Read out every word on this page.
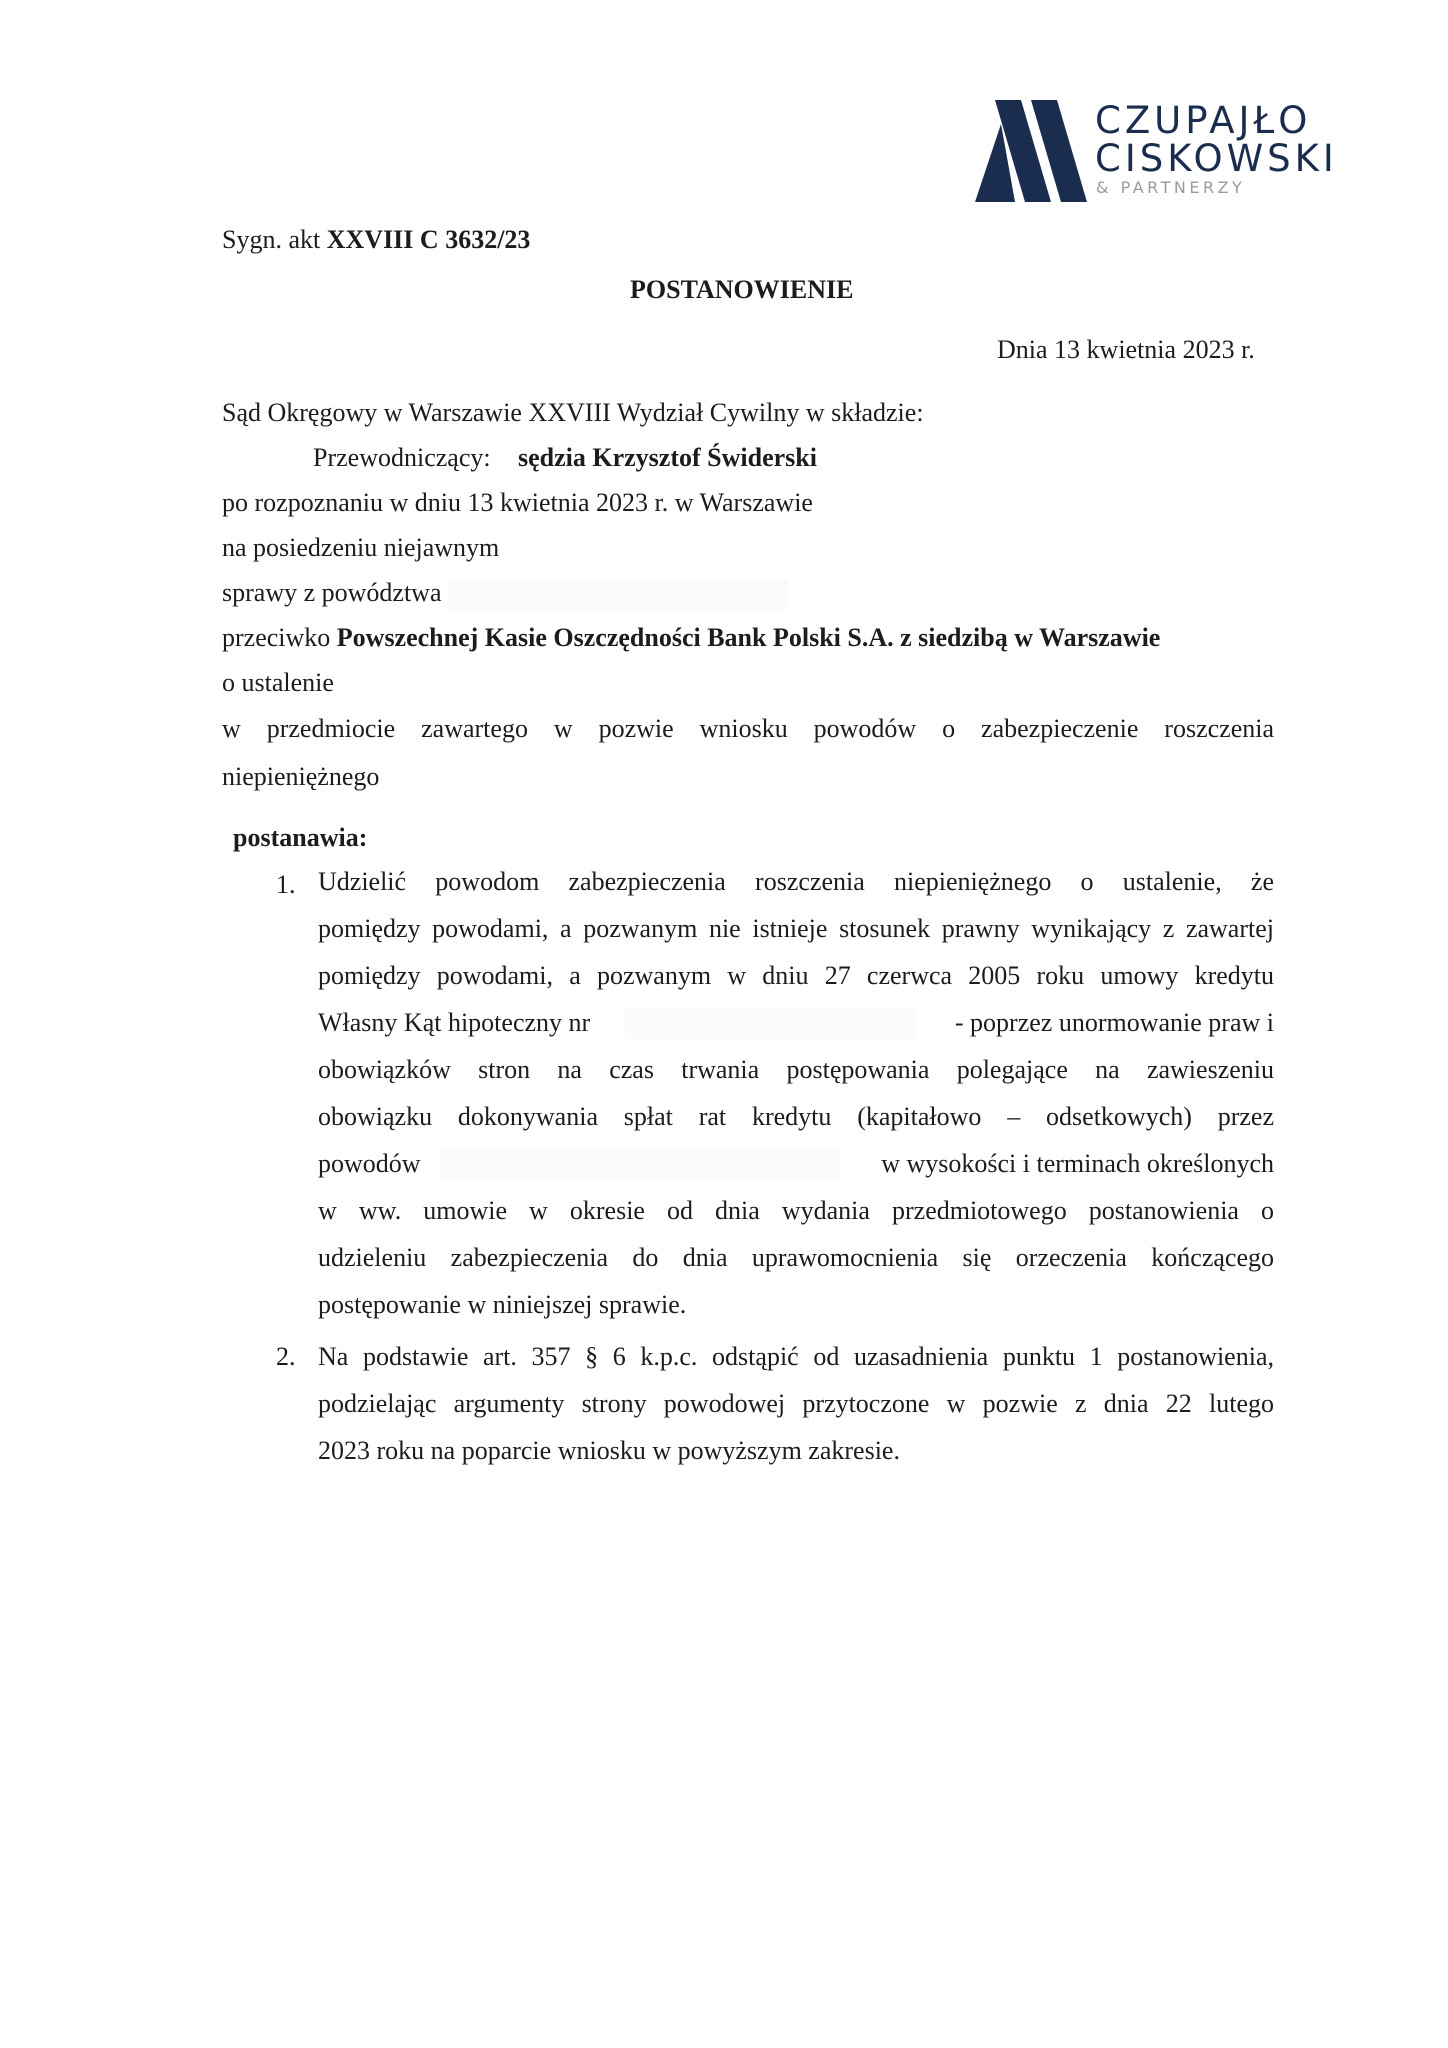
CZUPAJŁO
CISKOWSKI
& PARTNERZY
Sygn. akt XXVIII C 3632/23
POSTANOWIENIE
Dnia 13 kwietnia 2023 r.
Sąd Okręgowy w Warszawie XXVIII Wydział Cywilny w składzie:
Przewodniczący: sędzia Krzysztof Świderski
po rozpoznaniu w dniu 13 kwietnia 2023 r. w Warszawie
na posiedzeniu niejawnym
sprawy z powództwa
przeciwko Powszechnej Kasie Oszczędności Bank Polski S.A. z siedzibą w Warszawie
o ustalenie
w przedmiocie zawartego w pozwie wniosku powodów o zabezpieczenie roszczenia
niepieniężnego
postanawia:
1. Udzielić powodom zabezpieczenia roszczenia niepieniężnego o ustalenie, że
pomiędzy powodami, a pozwanym nie istnieje stosunek prawny wynikający z zawartej
pomiędzy powodami, a pozwanym w dniu 27 czerwca 2005 roku umowy kredytu
Własny Kąt hipoteczny nr	- poprzez unormowanie praw i
obowiązków stron na czas trwania postępowania polegające na zawieszeniu
obowiązku dokonywania spłat rat kredytu (kapitałowo – odsetkowych) przez
powodów	w wysokości i terminach określonych
w ww. umowie w okresie od dnia wydania przedmiotowego postanowienia o
udzieleniu zabezpieczenia do dnia uprawomocnienia się orzeczenia kończącego
postępowanie w niniejszej sprawie.
2. Na podstawie art. 357 § 6 k.p.c. odstąpić od uzasadnienia punktu 1 postanowienia,
podzielając argumenty strony powodowej przytoczone w pozwie z dnia 22 lutego
2023 roku na poparcie wniosku w powyższym zakresie.
